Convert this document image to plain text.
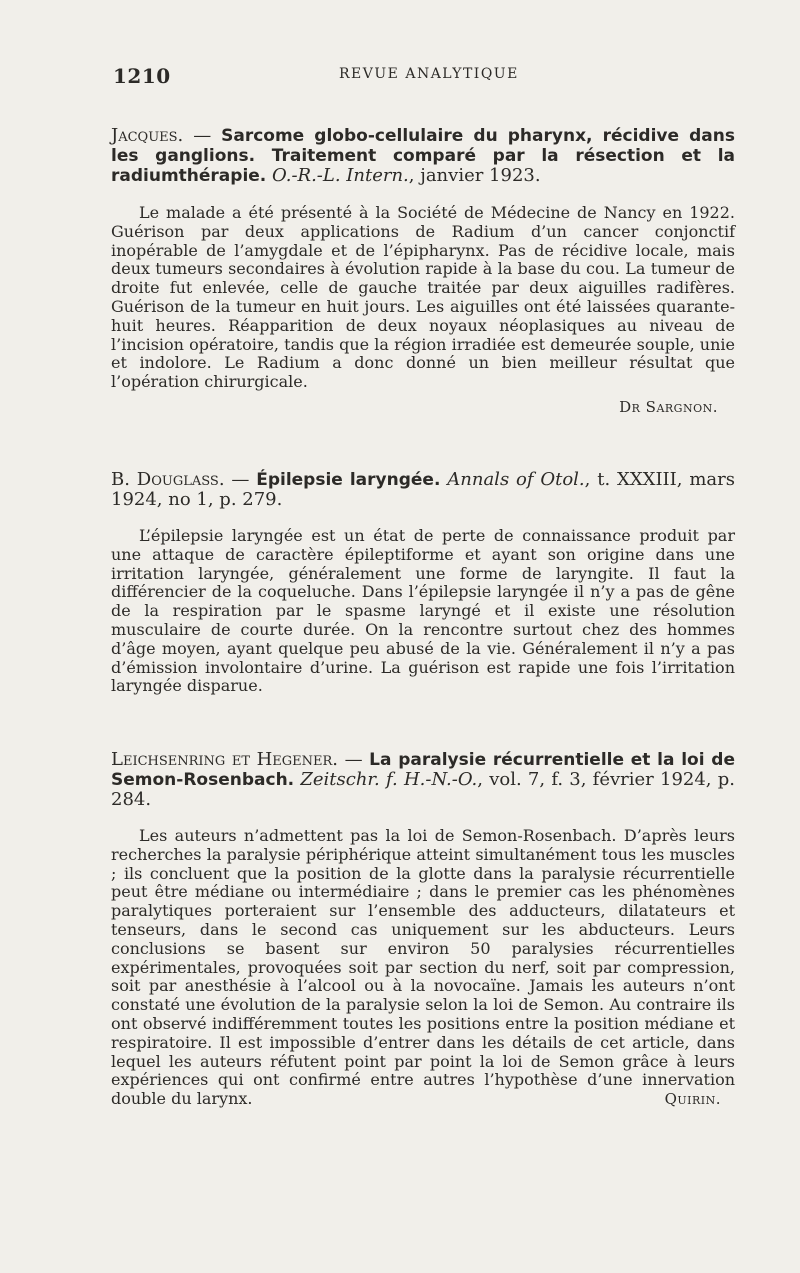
1210	REVUE ANALYTIQUE

Jacques. — Sarcome globo-cellulaire du pharynx, récidive dans les ganglions. Traitement comparé par la résection et la radiumthérapie. O.-R.-L. Intern., janvier 1923.

Le malade a été présenté à la Société de Médecine de Nancy en 1922. Guérison par deux applications de Radium d’un cancer conjonctif inopérable de l’amygdale et de l’épipharynx. Pas de récidive locale, mais deux tumeurs secondaires à évolution rapide à la base du cou. La tumeur de droite fut enlevée, celle de gauche traitée par deux aiguilles radifères. Guérison de la tumeur en huit jours. Les aiguilles ont été laissées quarante-huit heures. Réapparition de deux noyaux néoplasiques au niveau de l’incision opératoire, tandis que la région irradiée est demeurée souple, unie et indolore. Le Radium a donc donné un bien meilleur résultat que l’opération chirurgicale.

Dr Sargnon.

B. Douglass. — Épilepsie laryngée. Annals of Otol., t. XXXIII, mars 1924, no 1, p. 279.

L’épilepsie laryngée est un état de perte de connaissance produit par une attaque de caractère épileptiforme et ayant son origine dans une irritation laryngée, généralement une forme de laryngite. Il faut la différencier de la coqueluche. Dans l’épilepsie laryngée il n’y a pas de gêne de la respiration par le spasme laryngé et il existe une résolution musculaire de courte durée. On la rencontre surtout chez des hommes d’âge moyen, ayant quelque peu abusé de la vie. Généralement il n’y a pas d’émission involontaire d’urine. La guérison est rapide une fois l’irritation laryngée disparue.

Leichsenring et Hegener. — La paralysie récurrentielle et la loi de Semon-Rosenbach. Zeitschr. f. H.-N.-O., vol. 7, f. 3, février 1924, p. 284.

Les auteurs n’admettent pas la loi de Semon-Rosenbach. D’après leurs recherches la paralysie périphérique atteint simultanément tous les muscles ; ils concluent que la position de la glotte dans la paralysie récurrentielle peut être médiane ou intermédiaire ; dans le premier cas les phénomènes paralytiques porteraient sur l’ensemble des adducteurs, dilatateurs et tenseurs, dans le second cas uniquement sur les abducteurs. Leurs conclusions se basent sur environ 50 paralysies récurrentielles expérimentales, provoquées soit par section du nerf, soit par compression, soit par anesthésie à l’alcool ou à la novocaïne. Jamais les auteurs n’ont constaté une évolution de la paralysie selon la loi de Semon. Au contraire ils ont observé indifféremment toutes les positions entre la position médiane et respiratoire. Il est impossible d’entrer dans les détails de cet article, dans lequel les auteurs réfutent point par point la loi de Semon grâce à leurs expériences qui ont confirmé entre autres l’hypothèse d’une innervation double du larynx.	Quirin.
